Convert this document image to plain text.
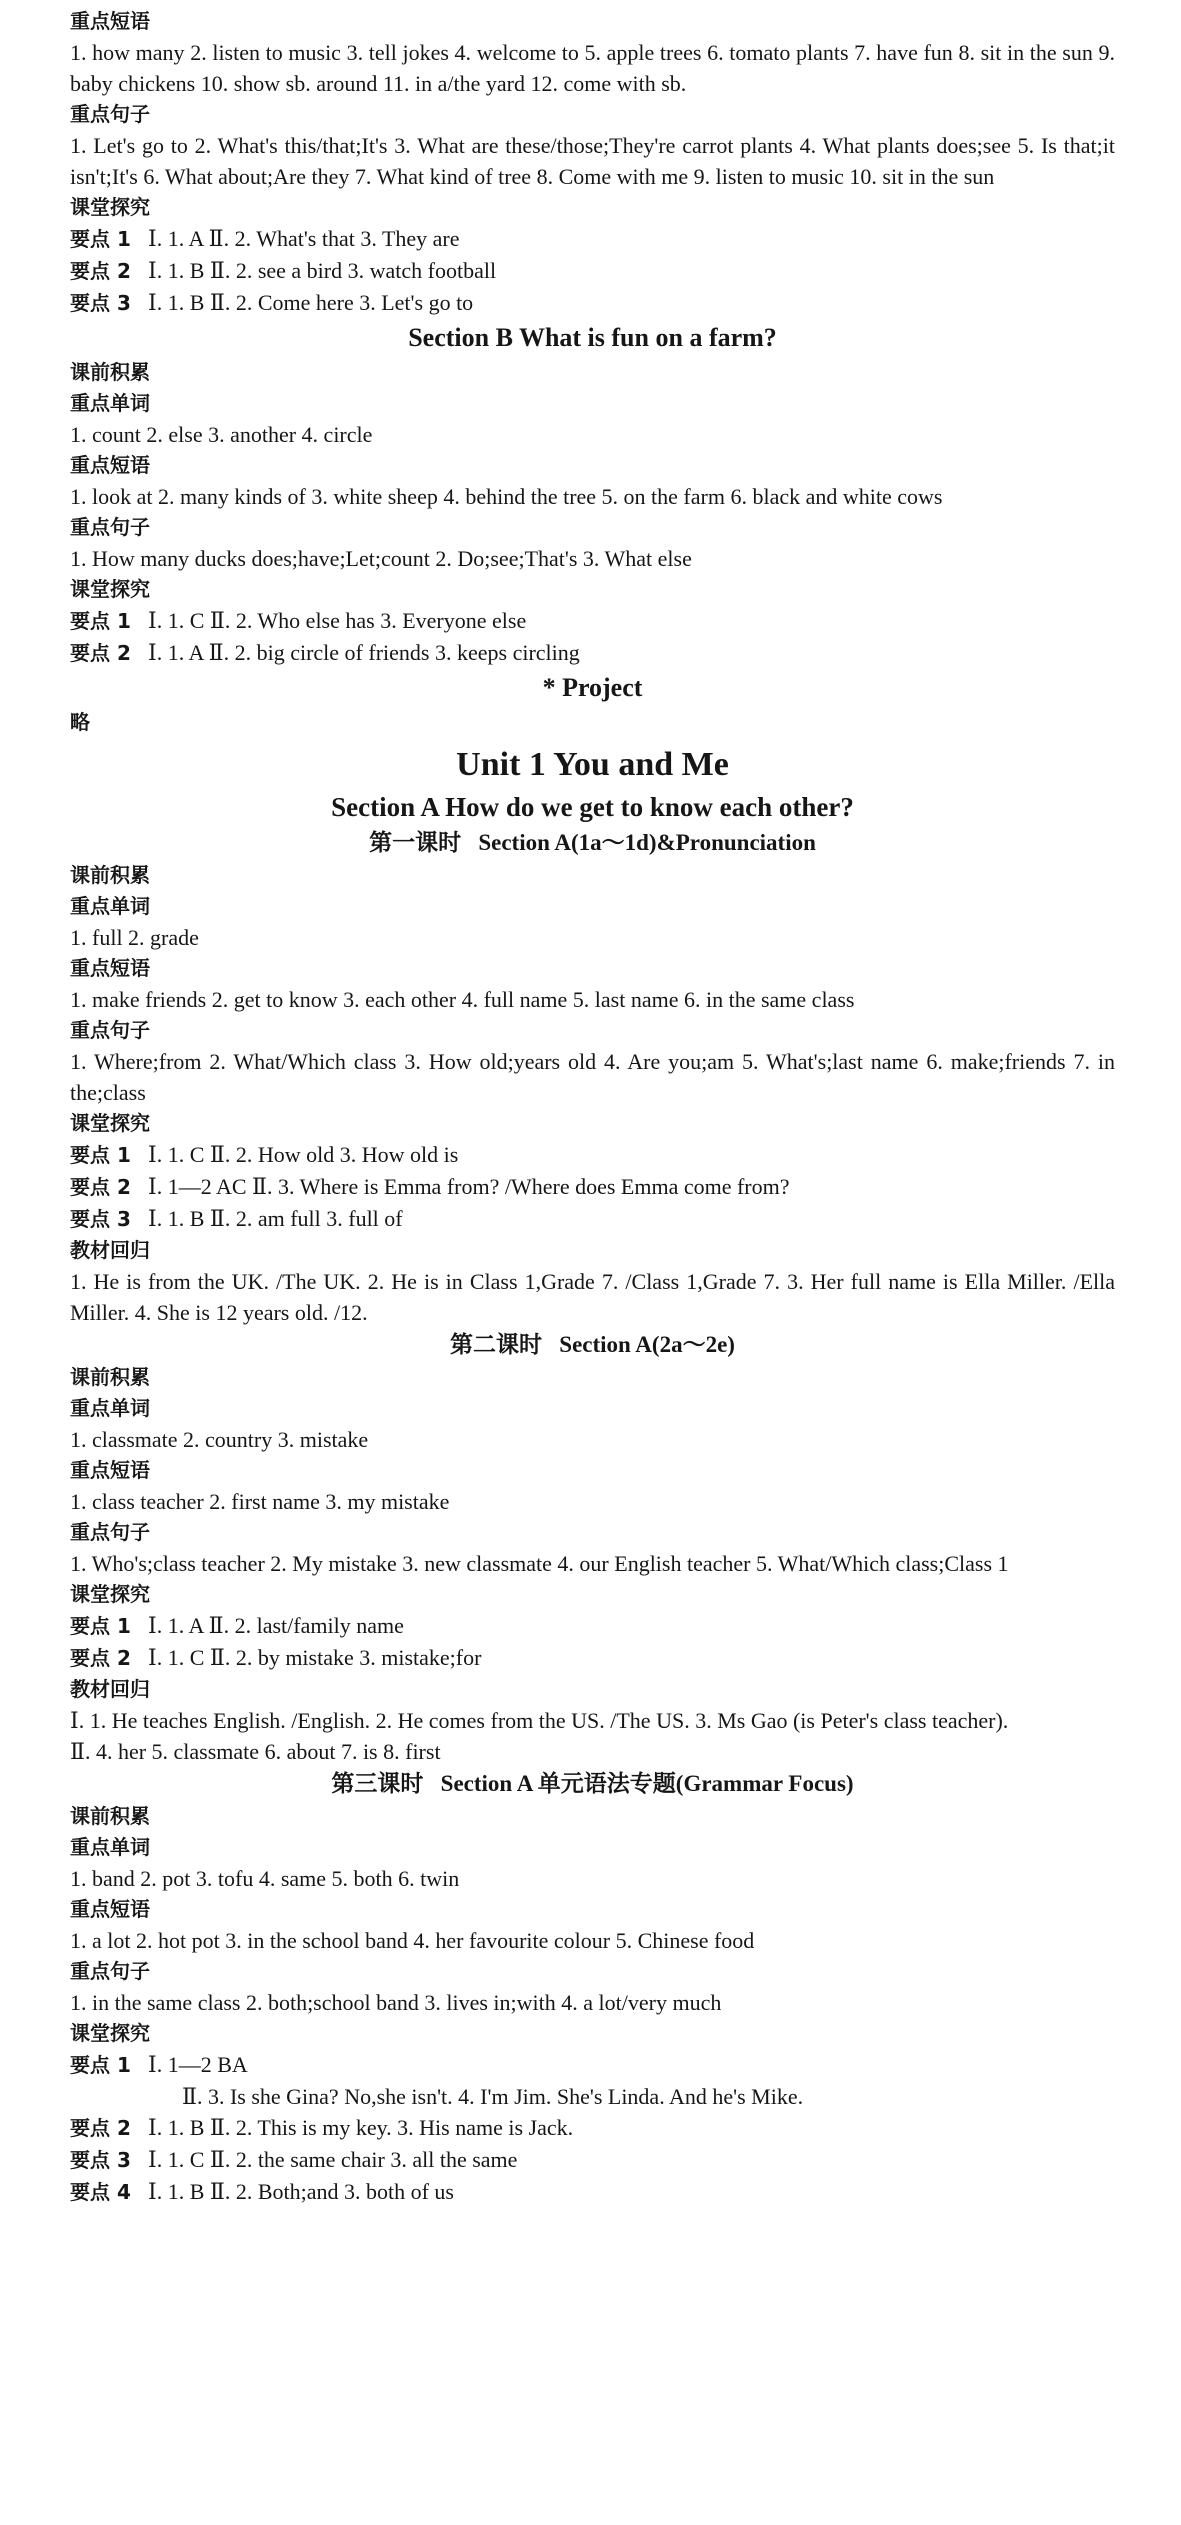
重点短语
1. how many 2. listen to music 3. tell jokes 4. welcome to 5. apple trees 6. tomato plants 7. have fun 8. sit in the sun 9. baby chickens 10. show sb. around 11. in a/the yard 12. come with sb.
重点句子
1. Let's go to 2. What's this/that;It's 3. What are these/those;They're carrot plants 4. What plants does;see 5. Is that;it isn't;It's 6. What about;Are they 7. What kind of tree 8. Come with me 9. listen to music 10. sit in the sun
课堂探究
要点 1 Ⅰ. 1. A Ⅱ. 2. What's that 3. They are
要点 2 Ⅰ. 1. B Ⅱ. 2. see a bird 3. watch football
要点 3 Ⅰ. 1. B Ⅱ. 2. Come here 3. Let's go to
Section B What is fun on a farm?
课前积累
重点单词
1. count 2. else 3. another 4. circle
重点短语
1. look at 2. many kinds of 3. white sheep 4. behind the tree 5. on the farm 6. black and white cows
重点句子
1. How many ducks does;have;Let;count 2. Do;see;That's 3. What else
课堂探究
要点 1 Ⅰ. 1. C Ⅱ. 2. Who else has 3. Everyone else
要点 2 Ⅰ. 1. A Ⅱ. 2. big circle of friends 3. keeps circling
* Project
略
Unit 1 You and Me
Section A How do we get to know each other?
第一课时 Section A(1a～1d)&Pronunciation
课前积累
重点单词
1. full 2. grade
重点短语
1. make friends 2. get to know 3. each other 4. full name 5. last name 6. in the same class
重点句子
1. Where;from 2. What/Which class 3. How old;years old 4. Are you;am 5. What's;last name 6. make;friends 7. in the;class
课堂探究
要点 1 Ⅰ. 1. C Ⅱ. 2. How old 3. How old is
要点 2 Ⅰ. 1—2 AC Ⅱ. 3. Where is Emma from? /Where does Emma come from?
要点 3 Ⅰ. 1. B Ⅱ. 2. am full 3. full of
教材回归
1. He is from the UK. /The UK. 2. He is in Class 1,Grade 7. /Class 1,Grade 7. 3. Her full name is Ella Miller. /Ella Miller. 4. She is 12 years old. /12.
第二课时 Section A(2a～2e)
课前积累
重点单词
1. classmate 2. country 3. mistake
重点短语
1. class teacher 2. first name 3. my mistake
重点句子
1. Who's;class teacher 2. My mistake 3. new classmate 4. our English teacher 5. What/Which class;Class 1
课堂探究
要点 1 Ⅰ. 1. A Ⅱ. 2. last/family name
要点 2 Ⅰ. 1. C Ⅱ. 2. by mistake 3. mistake;for
教材回归
Ⅰ. 1. He teaches English. /English. 2. He comes from the US. /The US. 3. Ms Gao (is Peter's class teacher).
Ⅱ. 4. her 5. classmate 6. about 7. is 8. first
第三课时 Section A 单元语法专题(Grammar Focus)
课前积累
重点单词
1. band 2. pot 3. tofu 4. same 5. both 6. twin
重点短语
1. a lot 2. hot pot 3. in the school band 4. her favourite colour 5. Chinese food
重点句子
1. in the same class 2. both;school band 3. lives in;with 4. a lot/very much
课堂探究
要点 1 Ⅰ. 1—2 BA
Ⅱ. 3. Is she Gina? No,she isn't. 4. I'm Jim. She's Linda. And he's Mike.
要点 2 Ⅰ. 1. B Ⅱ. 2. This is my key. 3. His name is Jack.
要点 3 Ⅰ. 1. C Ⅱ. 2. the same chair 3. all the same
要点 4 Ⅰ. 1. B Ⅱ. 2. Both;and 3. both of us
